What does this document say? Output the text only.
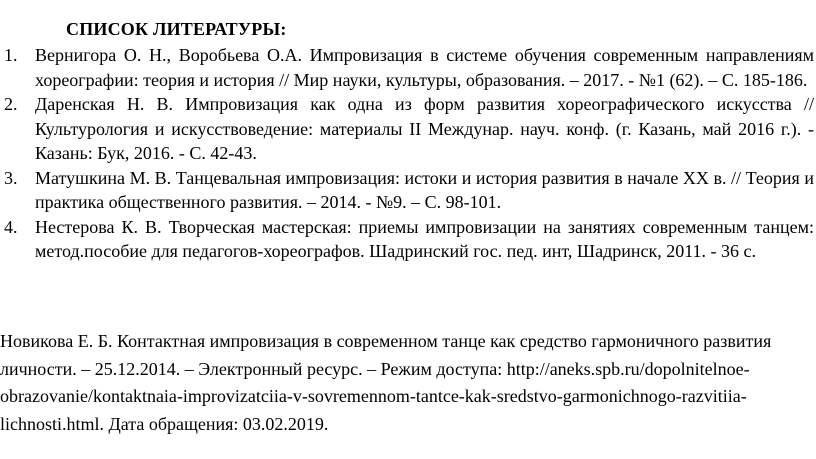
СПИСОК ЛИТЕРАТУРЫ:
1. Вернигора О. Н., Воробьева О.А. Импровизация в системе обучения современным направлениям хореографии: теория и история // Мир науки, культуры, образования. – 2017. - №1 (62). – С. 185-186.
2. Даренская Н. В. Импровизация как одна из форм развития хореографического искусства // Культурология и искусствоведение: материалы II Междунар. науч. конф. (г. Казань, май 2016 г.). - Казань: Бук, 2016. - С. 42-43.
3. Матушкина М. В. Танцевальная импровизация: истоки и история развития в начале XX в. // Теория и практика общественного развития. – 2014. - №9. – С. 98-101.
4. Нестерова К. В. Творческая мастерская: приемы импровизации на занятиях современным танцем: метод.пособие для педагогов-хореографов. Шадринский гос. пед. инт, Шадринск, 2011. - 36 с.
Новикова Е. Б. Контактная импровизация в современном танце как средство гармоничного развития личности. – 25.12.2014. – Электронный ресурс. – Режим доступа: http://aneks.spb.ru/dopolnitelnoe-obrazovanie/kontaktnaia-improvizatciia-v-sovremennom-tantce-kak-sredstvo-garmonichnogo-razvitiia-lichnosti.html. Дата обращения: 03.02.2019.
